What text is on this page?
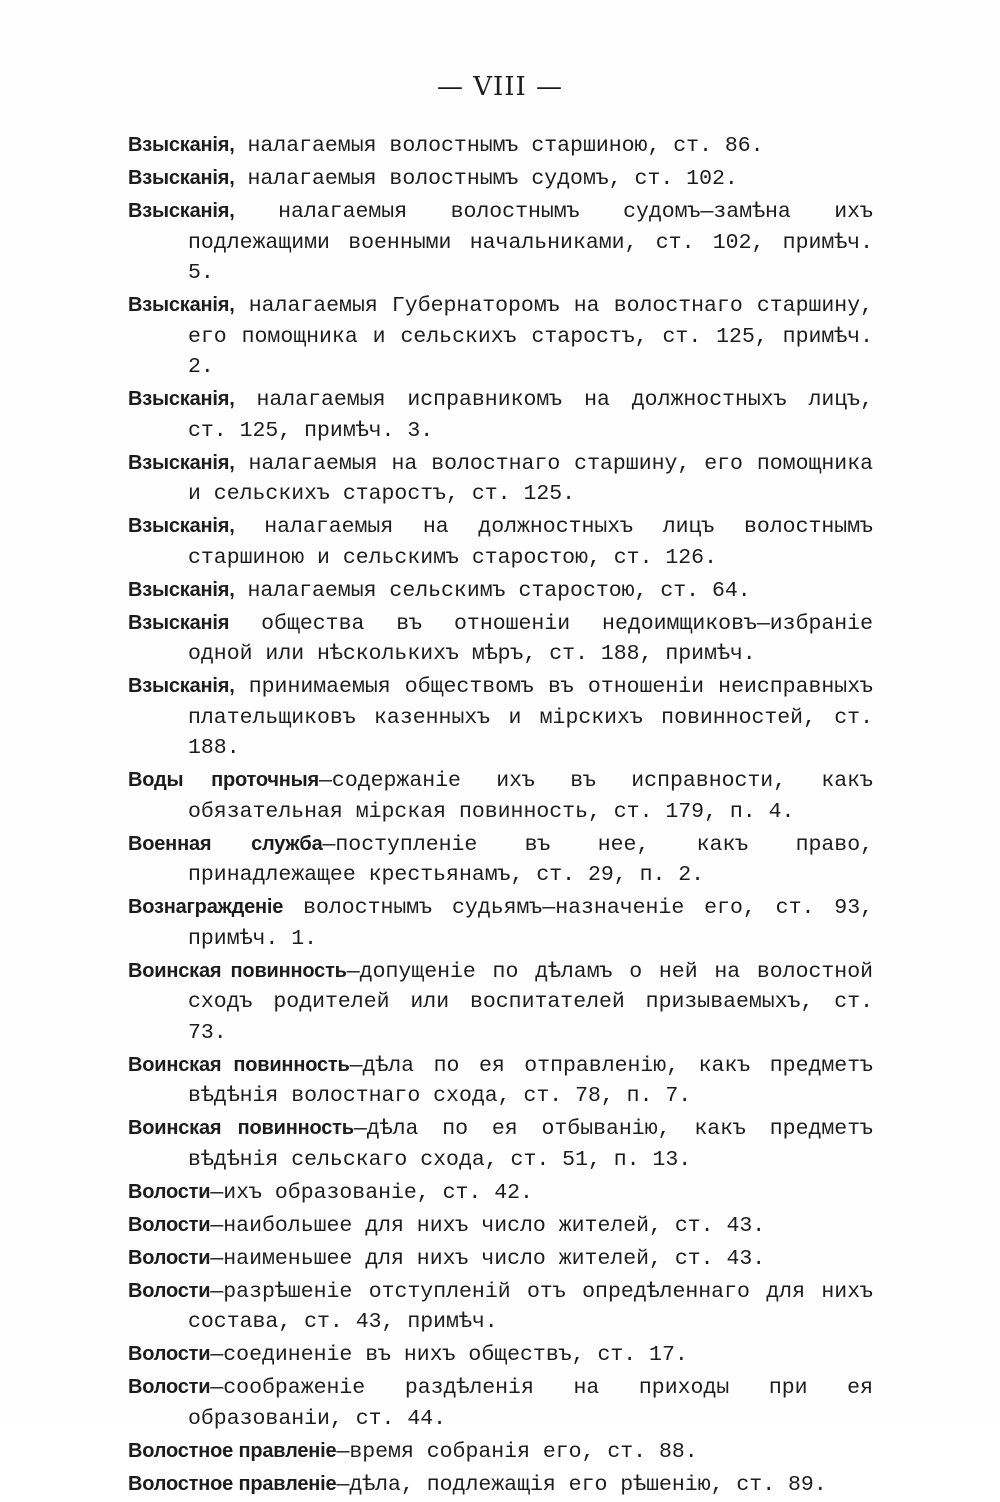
— VIII —
Взысканія, налагаемыя волостнымъ старшиною, ст. 86.
Взысканія, налагаемыя волостнымъ судомъ, ст. 102.
Взысканія, налагаемыя волостнымъ судомъ—замѣна ихъ подлежащими военными начальниками, ст. 102, примѣч. 5.
Взысканія, налагаемыя Губернаторомъ на волостнаго старшину, его помощника и сельскихъ старостъ, ст. 125, примѣч. 2.
Взысканія, налагаемыя исправникомъ на должностныхъ лицъ, ст. 125, примѣч. 3.
Взысканія, налагаемыя на волостнаго старшину, его помощника и сельскихъ старостъ, ст. 125.
Взысканія, налагаемыя на должностныхъ лицъ волостнымъ старшиною и сельскимъ старостою, ст. 126.
Взысканія, налагаемыя сельскимъ старостою, ст. 64.
Взысканія общества въ отношеніи недоимщиковъ—избраніе одной или нѣсколькихъ мѣръ, ст. 188, примѣч.
Взысканія, принимаемыя обществомъ въ отношеніи неисправныхъ плательщиковъ казенныхъ и мірскихъ повинностей, ст. 188.
Воды проточныя—содержаніе ихъ въ исправности, какъ обязательная мірская повинность, ст. 179, п. 4.
Военная служба—поступленіе въ нее, какъ право, принадлежащее крестьянамъ, ст. 29, п. 2.
Вознагражденіе волостнымъ судьямъ—назначеніе его, ст. 93, примѣч. 1.
Воинская повинность—допущеніе по дѣламъ о ней на волостной сходъ родителей или воспитателей призываемыхъ, ст. 73.
Воинская повинность—дѣла по ея отправленію, какъ предметъ вѣдѣнія волостнаго схода, ст. 78, п. 7.
Воинская повинность—дѣла по ея отбыванію, какъ предметъ вѣдѣнія сельскаго схода, ст. 51, п. 13.
Волости—ихъ образованіе, ст. 42.
Волости—наибольшее для нихъ число жителей, ст. 43.
Волости—наименьшее для нихъ число жителей, ст. 43.
Волости—разрѣшеніе отступленій отъ опредѣленнаго для нихъ состава, ст. 43, примѣч.
Волости—соединеніе въ нихъ обществъ, ст. 17.
Волости—соображеніе раздѣленія на приходы при ея образованіи, ст. 44.
Волостное правленіе—время собранія его, ст. 88.
Волостное правленіе—дѣла, подлежащія его рѣшенію, ст. 89.
